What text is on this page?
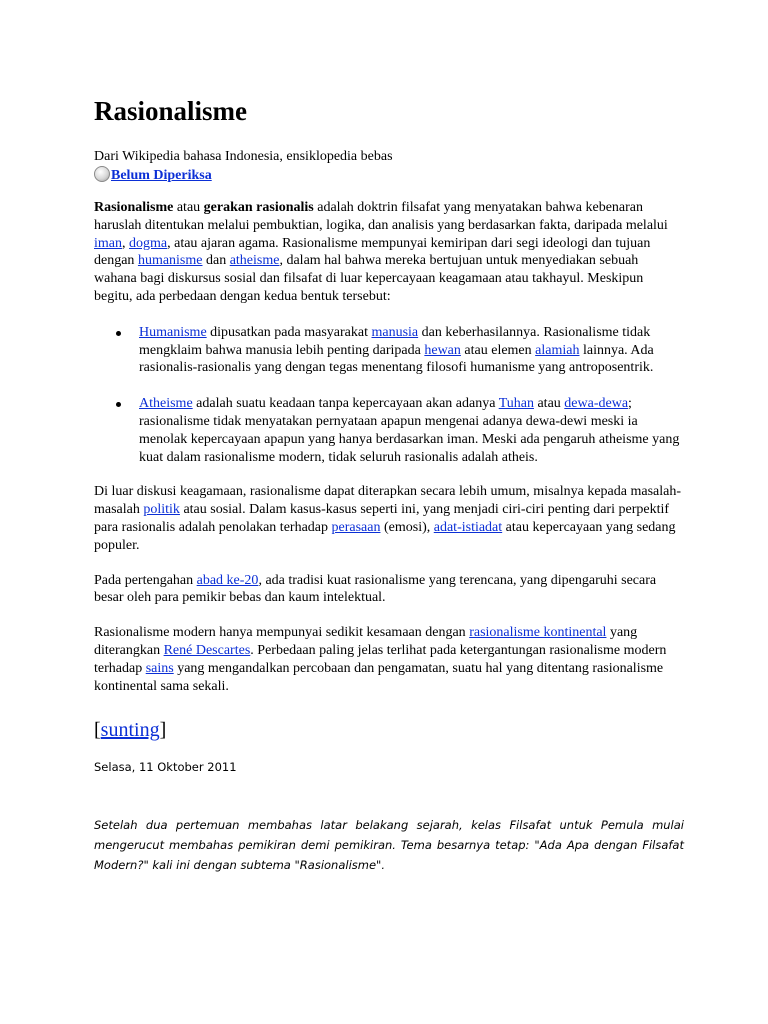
Rasionalisme
Dari Wikipedia bahasa Indonesia, ensiklopedia bebas
Belum Diperiksa

Rasionalisme atau gerakan rasionalis adalah doktrin filsafat yang menyatakan bahwa kebenaran haruslah ditentukan melalui pembuktian, logika, dan analisis yang berdasarkan fakta, daripada melalui iman, dogma, atau ajaran agama. Rasionalisme mempunyai kemiripan dari segi ideologi dan tujuan dengan humanisme dan atheisme, dalam hal bahwa mereka bertujuan untuk menyediakan sebuah wahana bagi diskursus sosial dan filsafat di luar kepercayaan keagamaan atau takhayul. Meskipun begitu, ada perbedaan dengan kedua bentuk tersebut:

Humanisme dipusatkan pada masyarakat manusia dan keberhasilannya. Rasionalisme tidak mengklaim bahwa manusia lebih penting daripada hewan atau elemen alamiah lainnya. Ada rasionalis-rasionalis yang dengan tegas menentang filosofi humanisme yang antroposentrik.
Atheisme adalah suatu keadaan tanpa kepercayaan akan adanya Tuhan atau dewa-dewa; rasionalisme tidak menyatakan pernyataan apapun mengenai adanya dewa-dewi meski ia menolak kepercayaan apapun yang hanya berdasarkan iman. Meski ada pengaruh atheisme yang kuat dalam rasionalisme modern, tidak seluruh rasionalis adalah atheis.

Di luar diskusi keagamaan, rasionalisme dapat diterapkan secara lebih umum, misalnya kepada masalah-masalah politik atau sosial. Dalam kasus-kasus seperti ini, yang menjadi ciri-ciri penting dari perpektif para rasionalis adalah penolakan terhadap perasaan (emosi), adat-istiadat atau kepercayaan yang sedang populer.

Pada pertengahan abad ke-20, ada tradisi kuat rasionalisme yang terencana, yang dipengaruhi secara besar oleh para pemikir bebas dan kaum intelektual.

Rasionalisme modern hanya mempunyai sedikit kesamaan dengan rasionalisme kontinental yang diterangkan René Descartes. Perbedaan paling jelas terlihat pada ketergantungan rasionalisme modern terhadap sains yang mengandalkan percobaan dan pengamatan, suatu hal yang ditentang rasionalisme kontinental sama sekali.

[sunting]
Selasa, 11 Oktober 2011
Setelah dua pertemuan membahas latar belakang sejarah, kelas Filsafat untuk Pemula mulai mengerucut membahas pemikiran demi pemikiran. Tema besarnya tetap: "Ada Apa dengan Filsafat Modern?" kali ini dengan subtema "Rasionalisme".
